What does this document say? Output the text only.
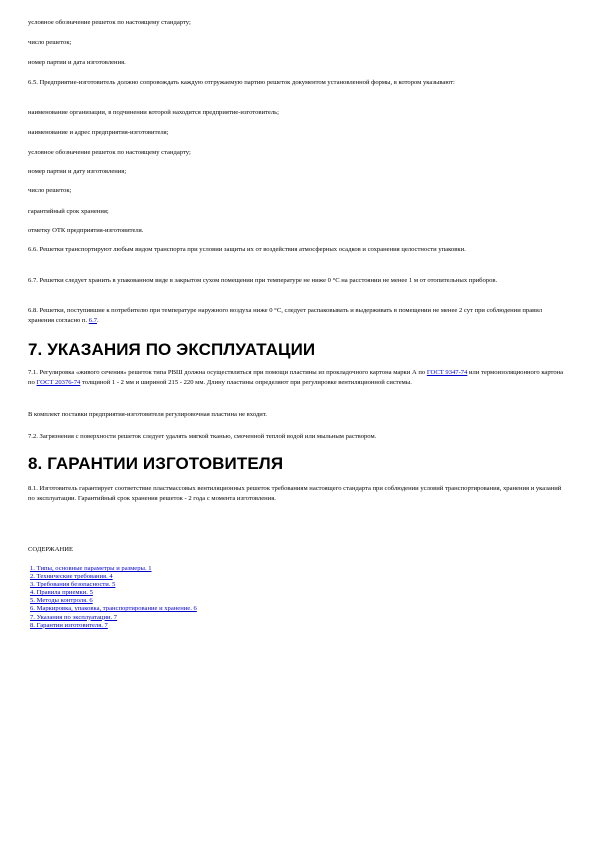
условное обозначение решеток по настоящему стандарту;

число решеток;

номер партии и дата изготовления.

6.5. Предприятие-изготовитель должно сопровождать каждую отгружаемую партию решеток документом установленной формы, в котором указывают:

наименование организации, в подчинении которой находится предприятие-изготовитель;

наименование и адрес предприятия-изготовителя;

условное обозначение решеток по настоящему стандарту;

номер партии и дату изготовления;

число решеток;

гарантийный срок хранения;

отметку ОТК предприятия-изготовителя.

6.6. Решетки транспортируют любым видом транспорта при условии защиты их от воздействия атмосферных осадков и сохранения целостности упаковки.

6.7. Решетки следует хранить в упакованном виде в закрытом сухом помещении при температуре не ниже 0 °С на расстоянии не менее 1 м от отопительных приборов.

6.8. Решетки, поступившие к потребителю при температуре наружного воздуха ниже 0 °С, следует распаковывать и выдерживать в помещении не менее 2 сут при соблюдении правил хранения согласно п. 6.7.

7. УКАЗАНИЯ ПО ЭКСПЛУАТАЦИИ

7.1. Регулировка «живого сечения» решеток типа РВШ должна осуществляться при помощи пластины из прокладочного картона марки А по ГОСТ 9347-74 или термоизоляционного картона по ГОСТ 20376-74 толщиной 1 - 2 мм и шириной 215 - 220 мм. Длину пластины определяют при регулировке вентиляционной системы.

В комплект поставки предприятия-изготовителя регулировочная пластина не входит.

7.2. Загрязнения с поверхности решеток следует удалять мягкой тканью, смоченной теплой водой или мыльным раствором.

8. ГАРАНТИИ ИЗГОТОВИТЕЛЯ

8.1. Изготовитель гарантирует соответствие пластмассовых вентиляционных решеток требованиям настоящего стандарта при соблюдении условий транспортирования, хранения и указаний по эксплуатации. Гарантийный срок хранения решеток - 2 года с момента изготовления.

СОДЕРЖАНИЕ
1. Типы, основные параметры и размеры. 1
2. Технические требования. 4
3. Требования безопасности. 5
4. Правила приемки. 5
5. Методы контроля. 6
6. Маркировка, упаковка, транспортирование и хранение. 6
7. Указания по эксплуатации. 7
8. Гарантии изготовителя. 7
